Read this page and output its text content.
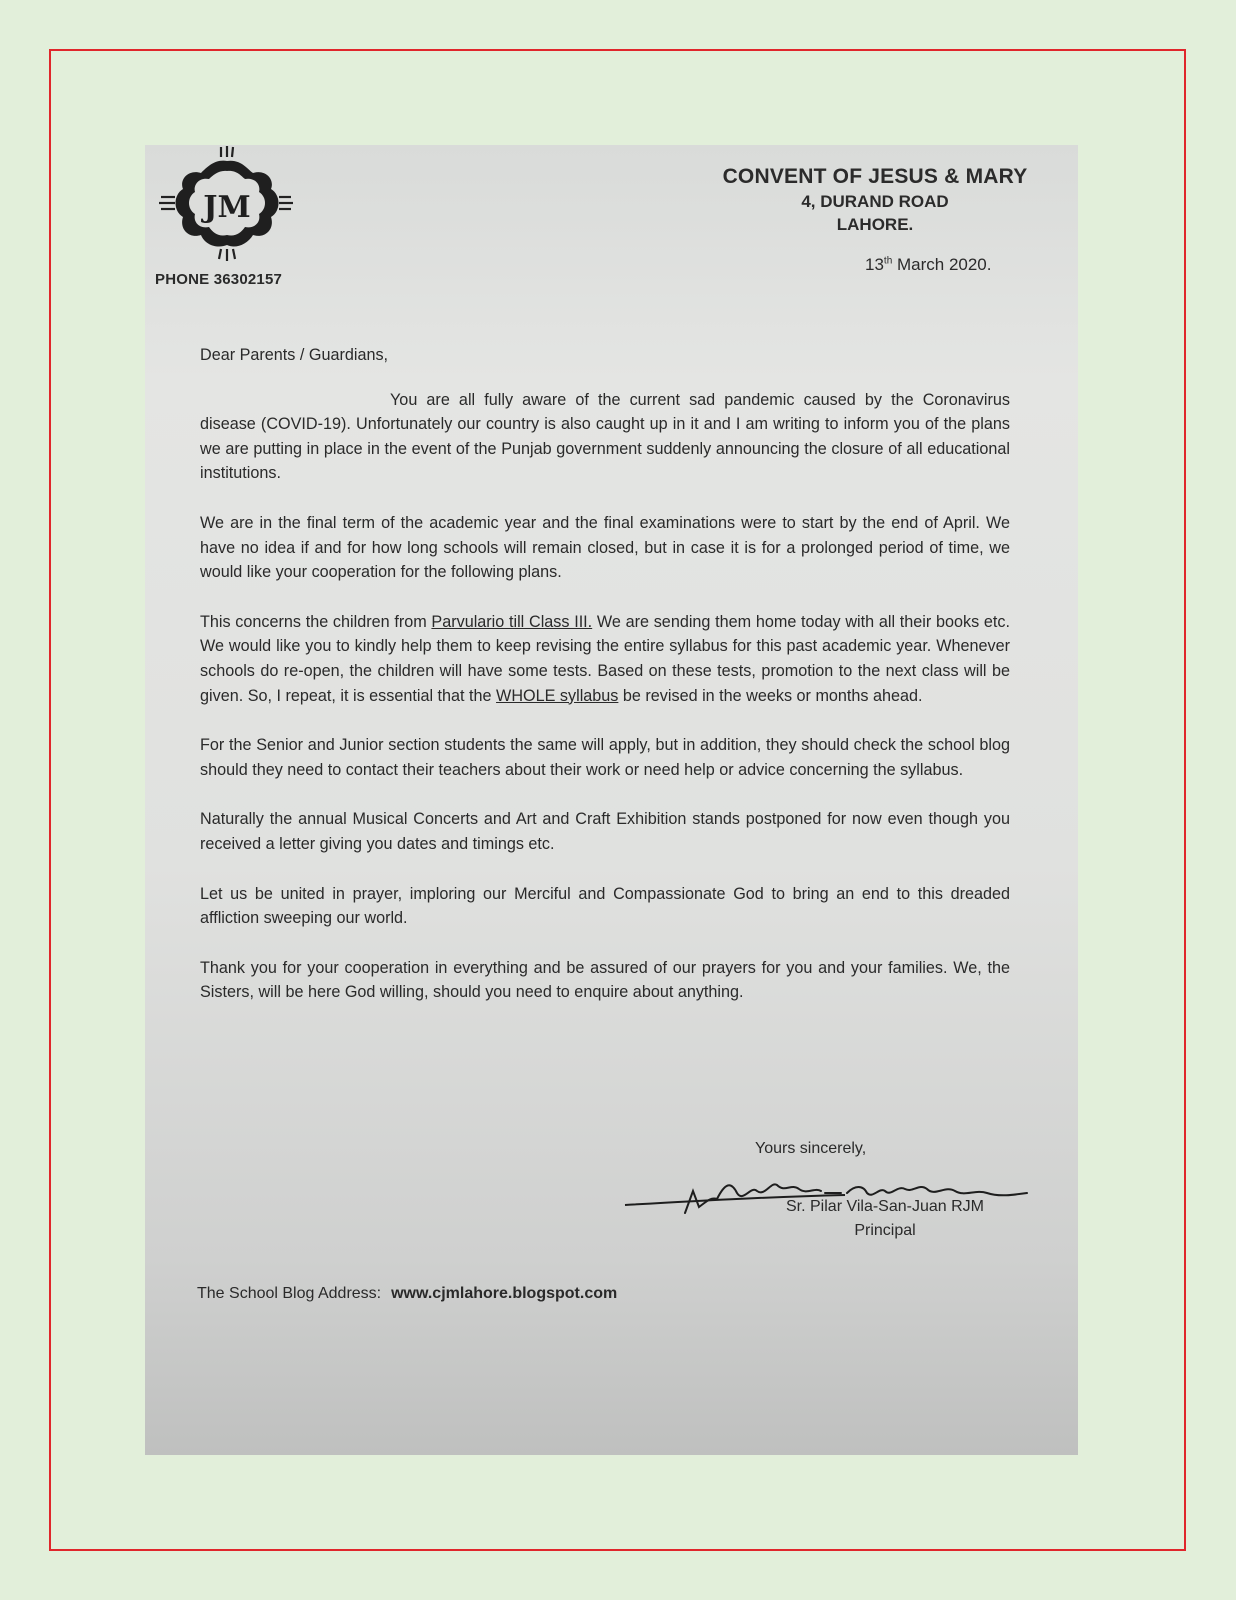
JM
PHONE 36302157
CONVENT OF JESUS & MARY
4, DURAND ROAD
LAHORE.
13th March 2020.

Dear Parents / Guardians,

You are all fully aware of the current sad pandemic caused by the Coronavirus disease (COVID-19). Unfortunately our country is also caught up in it and I am writing to inform you of the plans we are putting in place in the event of the Punjab government suddenly announcing the closure of all educational institutions.

We are in the final term of the academic year and the final examinations were to start by the end of April. We have no idea if and for how long schools will remain closed, but in case it is for a prolonged period of time, we would like your cooperation for the following plans.

This concerns the children from Parvulario till Class III. We are sending them home today with all their books etc. We would like you to kindly help them to keep revising the entire syllabus for this past academic year. Whenever schools do re-open, the children will have some tests. Based on these tests, promotion to the next class will be given. So, I repeat, it is essential that the WHOLE syllabus be revised in the weeks or months ahead.

For the Senior and Junior section students the same will apply, but in addition, they should check the school blog should they need to contact their teachers about their work or need help or advice concerning the syllabus.

Naturally the annual Musical Concerts and Art and Craft Exhibition stands postponed for now even though you received a letter giving you dates and timings etc.

Let us be united in prayer, imploring our Merciful and Compassionate God to bring an end to this dreaded affliction sweeping our world.

Thank you for your cooperation in everything and be assured of our prayers for you and your families. We, the Sisters, will be here God willing, should you need to enquire about anything.

Yours sincerely,
Sr. Pilar Vila-San-Juan RJM
Principal
The School Blog Address: www.cjmlahore.blogspot.com
